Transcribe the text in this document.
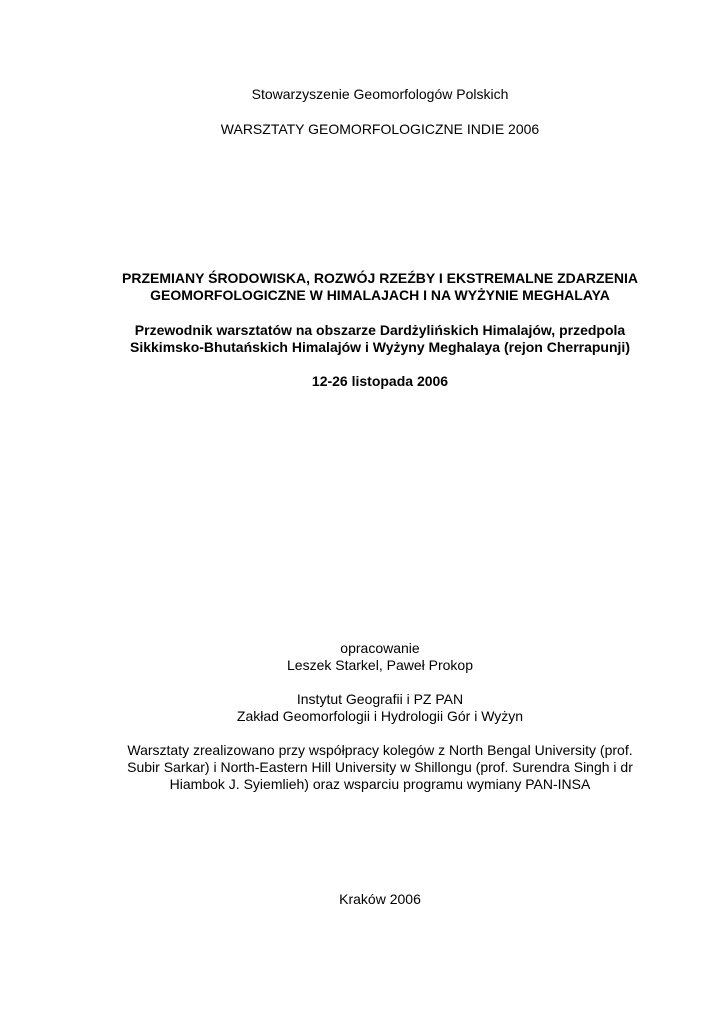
Stowarzyszenie Geomorfologów Polskich
WARSZTATY GEOMORFOLOGICZNE INDIE 2006
PRZEMIANY ŚRODOWISKA, ROZWÓJ RZEŹBY I EKSTREMALNE ZDARZENIA
GEOMORFOLOGICZNE W HIMALAJACH I NA WYŻYNIE MEGHALAYA
Przewodnik warsztatów na obszarze Dardżylińskich Himalajów, przedpola
Sikkimsko-Bhutańskich Himalajów i Wyżyny Meghalaya (rejon Cherrapunji)
12-26 listopada 2006
opracowanie
Leszek Starkel, Paweł Prokop
Instytut Geografii i PZ PAN
Zakład Geomorfologii i Hydrologii Gór i Wyżyn
Warsztaty zrealizowano przy współpracy kolegów z North Bengal University (prof.
Subir Sarkar) i North-Eastern Hill University w Shillongu (prof. Surendra Singh i dr
Hiambok J. Syiemlieh) oraz wsparciu programu wymiany PAN-INSA
Kraków 2006
